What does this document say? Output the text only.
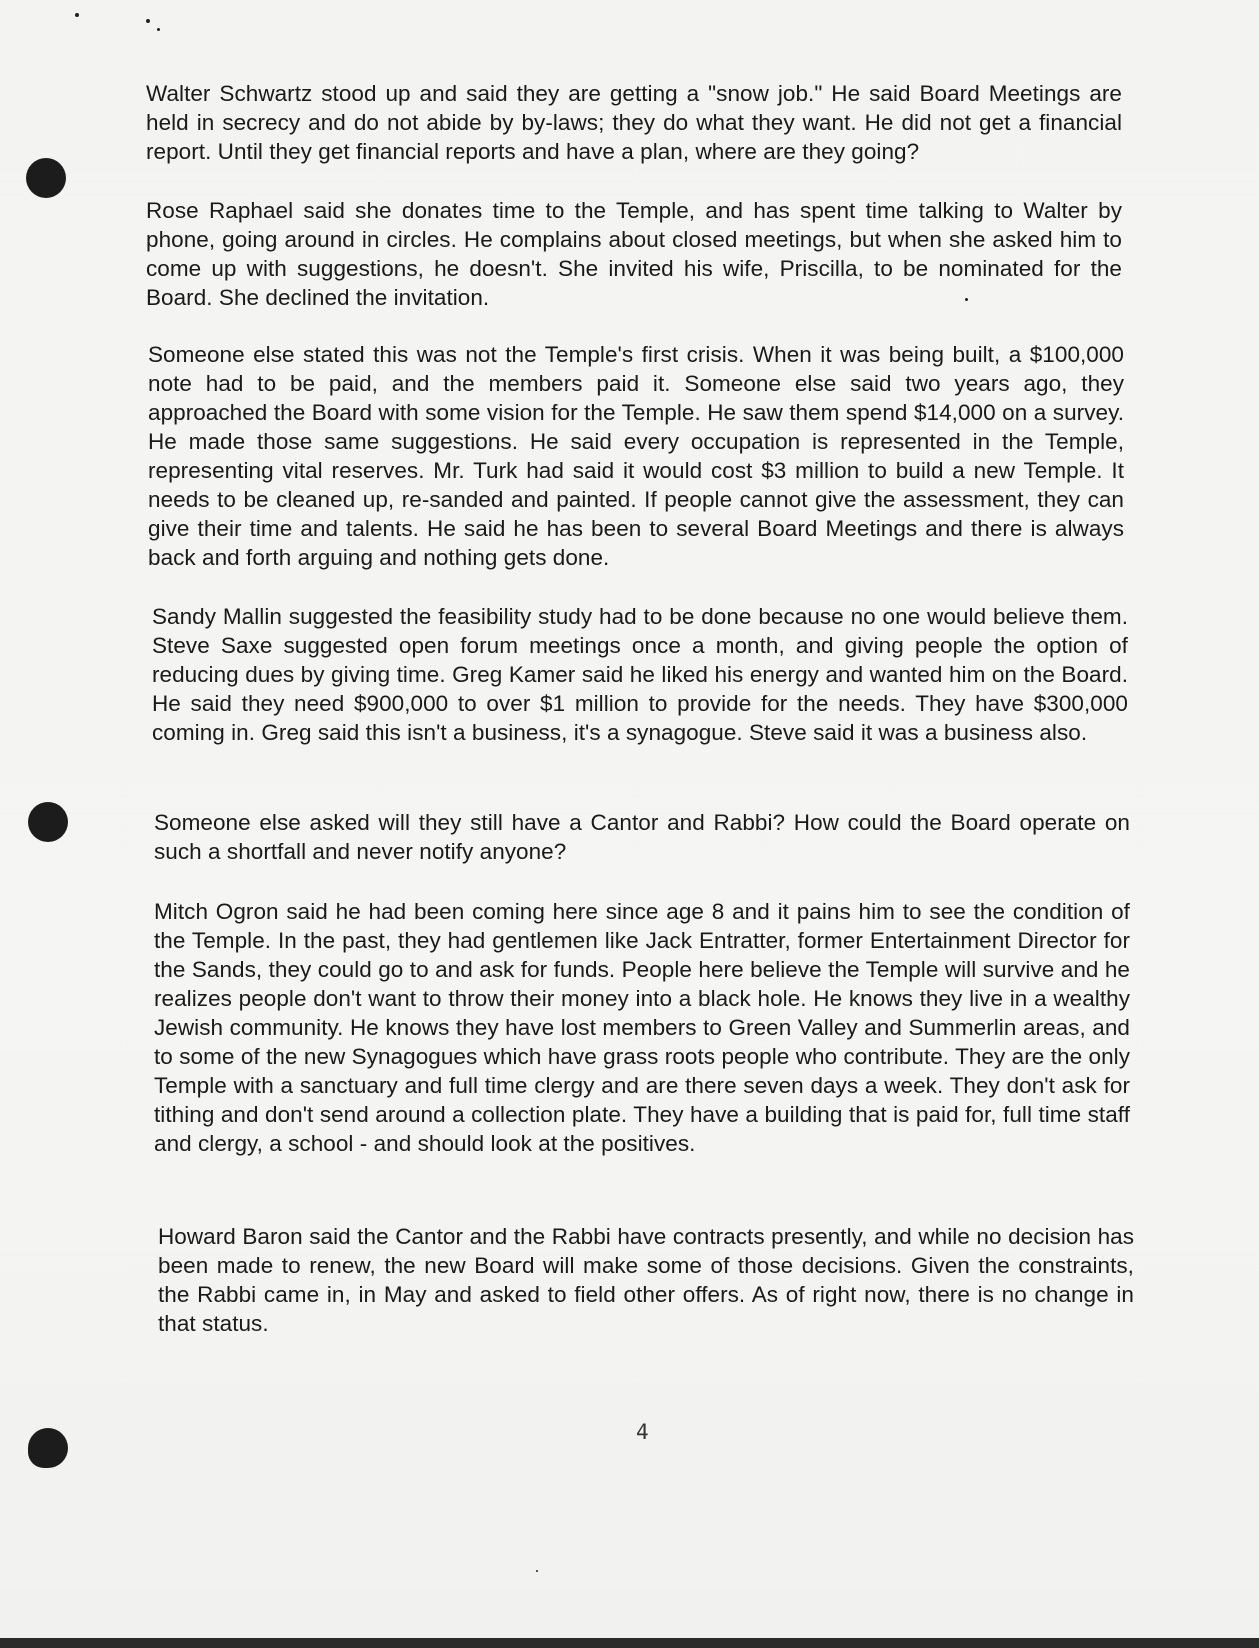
Walter Schwartz stood up and said they are getting a "snow job." He said Board Meetings are held in secrecy and do not abide by by-laws; they do what they want. He did not get a financial report. Until they get financial reports and have a plan, where are they going?

Rose Raphael said she donates time to the Temple, and has spent time talking to Walter by phone, going around in circles. He complains about closed meetings, but when she asked him to come up with suggestions, he doesn't. She invited his wife, Priscilla, to be nominated for the Board. She declined the invitation.

Someone else stated this was not the Temple's first crisis. When it was being built, a $100,000 note had to be paid, and the members paid it. Someone else said two years ago, they approached the Board with some vision for the Temple. He saw them spend $14,000 on a survey. He made those same suggestions. He said every occupation is represented in the Temple, representing vital reserves. Mr. Turk had said it would cost $3 million to build a new Temple. It needs to be cleaned up, re-sanded and painted. If people cannot give the assessment, they can give their time and talents. He said he has been to several Board Meetings and there is always back and forth arguing and nothing gets done.

Sandy Mallin suggested the feasibility study had to be done because no one would believe them. Steve Saxe suggested open forum meetings once a month, and giving people the option of reducing dues by giving time. Greg Kamer said he liked his energy and wanted him on the Board. He said they need $900,000 to over $1 million to provide for the needs. They have $300,000 coming in. Greg said this isn't a business, it's a synagogue. Steve said it was a business also.

Someone else asked will they still have a Cantor and Rabbi? How could the Board operate on such a shortfall and never notify anyone?

Mitch Ogron said he had been coming here since age 8 and it pains him to see the condition of the Temple. In the past, they had gentlemen like Jack Entratter, former Entertainment Director for the Sands, they could go to and ask for funds. People here believe the Temple will survive and he realizes people don't want to throw their money into a black hole. He knows they live in a wealthy Jewish community. He knows they have lost members to Green Valley and Summerlin areas, and to some of the new Synagogues which have grass roots people who contribute. They are the only Temple with a sanctuary and full time clergy and are there seven days a week. They don't ask for tithing and don't send around a collection plate. They have a building that is paid for, full time staff and clergy, a school - and should look at the positives.

Howard Baron said the Cantor and the Rabbi have contracts presently, and while no decision has been made to renew, the new Board will make some of those decisions. Given the constraints, the Rabbi came in, in May and asked to field other offers. As of right now, there is no change in that status.

4
